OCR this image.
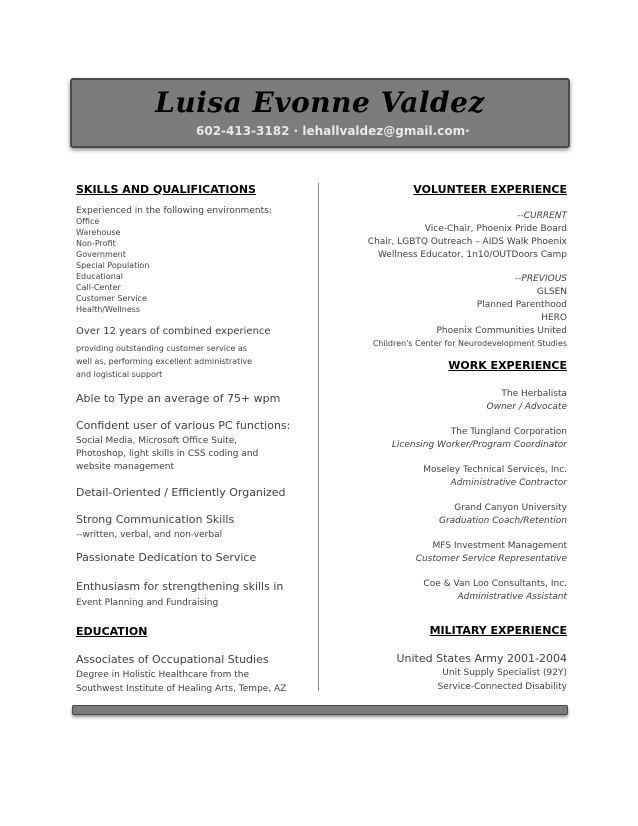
Luisa Evonne Valdez
602-413-3182 · lehallvaldez@gmail.com·
SKILLS AND QUALIFICATIONS
Experienced in the following environments:
Office
Warehouse
Non-Profit
Government
Special Population
Educational
Call-Center
Customer Service
Health/Wellness
Over 12 years of combined experience
providing outstanding customer service as
well as, performing excellent administrative
and logistical support
Able to Type an average of 75+ wpm
Confident user of various PC functions:
Social Media, Microsoft Office Suite,
Photoshop, light skills in CSS coding and
website management
Detail-Oriented / Efficiently Organized
Strong Communication Skills
--written, verbal, and non-verbal
Passionate Dedication to Service
Enthusiasm for strengthening skills in
Event Planning and Fundraising
EDUCATION
Associates of Occupational Studies
Degree in Holistic Healthcare from the
Southwest Institute of Healing Arts, Tempe, AZ
VOLUNTEER EXPERIENCE
--CURRENT
Vice-Chair, Phoenix Pride Board
Chair, LGBTQ Outreach – AIDS Walk Phoenix
Wellness Educator, 1n10/OUTDoors Camp
--PREVIOUS
GLSEN
Planned Parenthood
HERO
Phoenix Communities United
Children's Center for Neurodevelopment Studies
WORK EXPERIENCE
The Herbalista
Owner / Advocate
The Tungland Corporation
Licensing Worker/Program Coordinator
Moseley Technical Services, Inc.
Administrative Contractor
Grand Canyon University
Graduation Coach/Retention
MFS Investment Management
Customer Service Representative
Coe & Van Loo Consultants, Inc.
Administrative Assistant
MILITARY EXPERIENCE
United States Army 2001-2004
Unit Supply Specialist (92Y)
Service-Connected Disability
